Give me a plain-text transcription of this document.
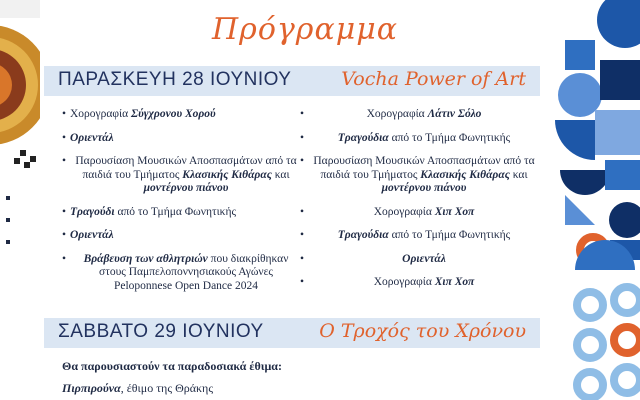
Πρόγραμμα
ΠΑΡΑΣΚΕΥΗ 28 ΙΟΥΝΙΟΥ	Vocha Power of Art
• Χορογραφία Σύγχρονου Χορού
• Οριεντάλ
• Παρουσίαση Μουσικών Αποσπασμάτων από τα παιδιά του Τμήματος Κλασικής Κιθάρας και μοντέρνου πιάνου
• Τραγούδι από το Τμήμα Φωνητικής
• Οριεντάλ
• Βράβευση των αθλητριών που διακρίθηκαν στους Παμπελοποννησιακούς Αγώνες Peloponnese Open Dance 2024
• Χορογραφία Λάτιν Σόλο
• Τραγούδια από το Τμήμα Φωνητικής
• Παρουσίαση Μουσικών Αποσπασμάτων από τα παιδιά του Τμήματος Κλασικής Κιθάρας και μοντέρνου πιάνου
• Χορογραφία Χιπ Χοπ
• Τραγούδια από το Τμήμα Φωνητικής
• Οριεντάλ
• Χορογραφία Χιπ Χοπ
ΣΑΒΒΑΤΟ 29 ΙΟΥΝΙΟΥ	Ο Τροχός του Χρόνου
Θα παρουσιαστούν τα παραδοσιακά έθιμα:
Πιρπιρούνα, έθιμο της Θράκης
